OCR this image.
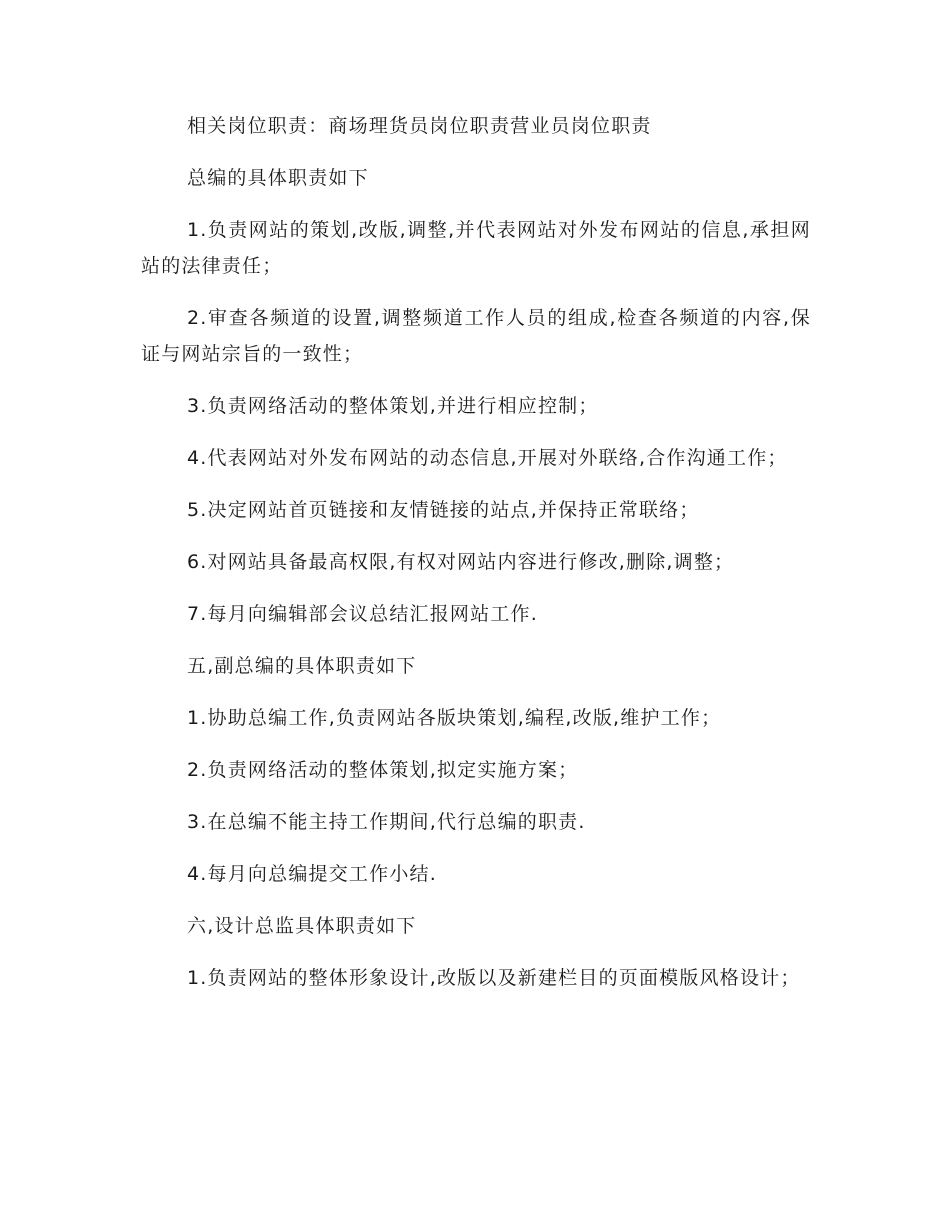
相关岗位职责：商场理货员岗位职责营业员岗位职责

总编的具体职责如下

1.负责网站的策划,改版,调整,并代表网站对外发布网站的信息,承担网站的法律责任；

2.审查各频道的设置,调整频道工作人员的组成,检查各频道的内容,保证与网站宗旨的一致性；

3.负责网络活动的整体策划,并进行相应控制；

4.代表网站对外发布网站的动态信息,开展对外联络,合作沟通工作；

5.决定网站首页链接和友情链接的站点,并保持正常联络；

6.对网站具备最高权限,有权对网站内容进行修改,删除,调整；

7.每月向编辑部会议总结汇报网站工作.

五,副总编的具体职责如下

1.协助总编工作,负责网站各版块策划,编程,改版,维护工作；

2.负责网络活动的整体策划,拟定实施方案；

3.在总编不能主持工作期间,代行总编的职责.

4.每月向总编提交工作小结.

六,设计总监具体职责如下

1.负责网站的整体形象设计,改版以及新建栏目的页面模版风格设计；
